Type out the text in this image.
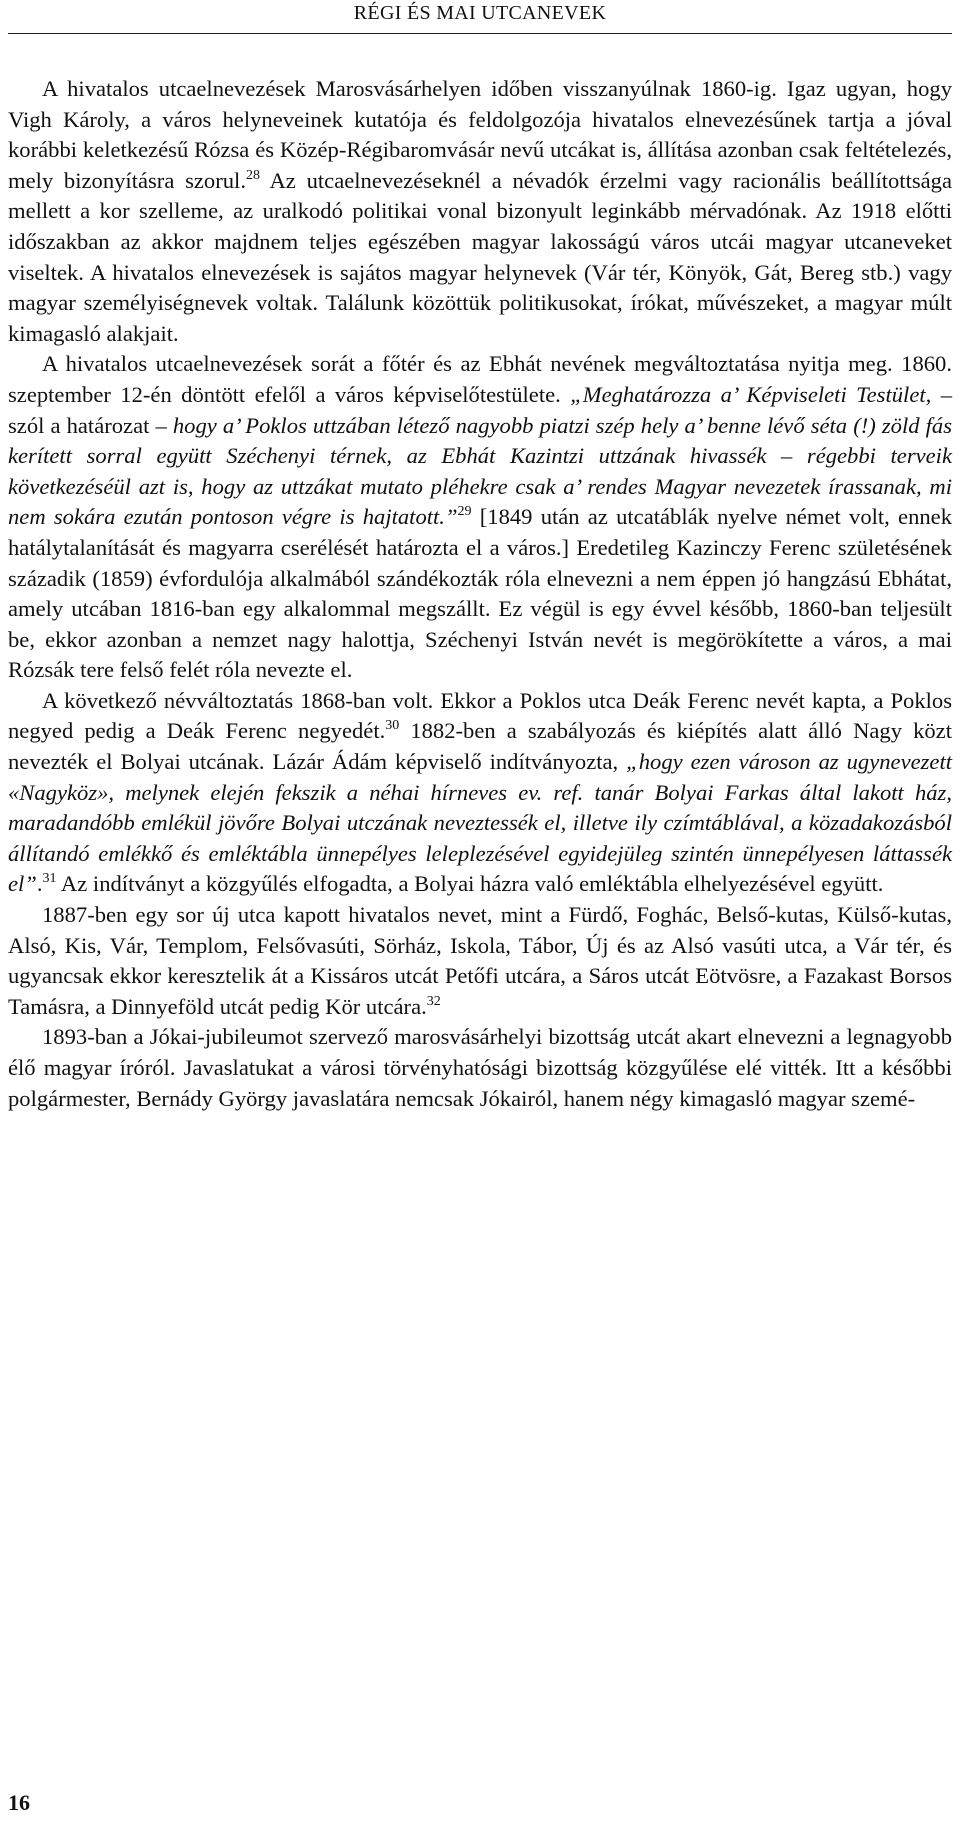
RÉGI ÉS MAI UTCANEVEK

A hivatalos utcaelnevezések Marosvásárhelyen időben visszanyúlnak 1860-ig. Igaz ugyan, hogy Vigh Károly, a város helyneveinek kutatója és feldolgozója hivatalos elnevezésűnek tartja a jóval korábbi keletkezésű Rózsa és Közép-Régibaromvásár nevű utcákat is, állítása azonban csak feltételezés, mely bizonyításra szorul.$^{28}$ Az utcaelnevezéseknél a névadók érzelmi vagy racionális beállítottsága mellett a kor szelleme, az uralkodó politikai vonal bizonyult leginkább mérvadónak. Az 1918 előtti időszakban az akkor majdnem teljes egészében magyar lakosságú város utcái magyar utcaneveket viseltek. A hivatalos elnevezések is sajátos magyar helynevek (Vár tér, Könyök, Gát, Bereg stb.) vagy magyar személyiségnevek voltak. Találunk közöttük politikusokat, írókat, művészeket, a magyar múlt kimagasló alakjait.

A hivatalos utcaelnevezések sorát a főtér és az Ebhát nevének megváltoztatása nyitja meg. 1860. szeptember 12-én döntött efelől a város képviselőtestülete. „Meghatározza a’ Képviseleti Testület, – szól a határozat – hogy a’ Poklos uttzában létező nagyobb piatzi szép hely a’ benne lévő séta (!) zöld fás kerített sorral együtt Széchenyi térnek, az Ebhát Kazintzi uttzának hivassék – régebbi terveik következéséül azt is, hogy az uttzákat mutato pléhekre csak a’ rendes Magyar nevezetek írassanak, mi nem sokára ezután pontoson végre is hajtatott.”$^{29}$ [1849 után az utcatáblák nyelve német volt, ennek hatálytalanítását és magyarra cserélését határozta el a város.] Eredetileg Kazinczy Ferenc születésének századik (1859) évfordulója alkalmából szándékozták róla elnevezni a nem éppen jó hangzású Ebhátat, amely utcában 1816-ban egy alkalommal megszállt. Ez végül is egy évvel később, 1860-ban teljesült be, ekkor azonban a nemzet nagy halottja, Széchenyi István nevét is megörökítette a város, a mai Rózsák tere felső felét róla nevezte el.

A következő névváltoztatás 1868-ban volt. Ekkor a Poklos utca Deák Ferenc nevét kapta, a Poklos negyed pedig a Deák Ferenc negyedét.$^{30}$ 1882-ben a szabályozás és kiépítés alatt álló Nagy közt nevezték el Bolyai utcának. Lázár Ádám képviselő indítványozta, „hogy ezen városon az ugynevezett «Nagyköz», melynek elején fekszik a néhai hírneves ev. ref. tanár Bolyai Farkas által lakott ház, maradandóbb emlékül jövőre Bolyai utczának neveztessék el, illetve ily czímtáblával, a közadakozásból állítandó emlékkő és emléktábla ünnepélyes leleplezésével egyidejüleg szintén ünnepélyesen láttassék el”.$^{31}$ Az indítványt a közgyűlés elfogadta, a Bolyai házra való emléktábla elhelyezésével együtt.

1887-ben egy sor új utca kapott hivatalos nevet, mint a Fürdő, Foghác, Belső-kutas, Külső-kutas, Alsó, Kis, Vár, Templom, Felsővasúti, Sörház, Iskola, Tábor, Új és az Alsó vasúti utca, a Vár tér, és ugyancsak ekkor keresztelik át a Kissáros utcát Petőfi utcára, a Sáros utcát Eötvösre, a Fazakast Borsos Tamásra, a Dinnyeföld utcát pedig Kör utcára.$^{32}$

1893-ban a Jókai-jubileumot szervező marosvásárhelyi bizottság utcát akart elnevezni a legnagyobb élő magyar íróról. Javaslatukat a városi törvényhatósági bizottság közgyűlése elé vitték. Itt a későbbi polgármester, Bernády György javaslatára nemcsak Jókairól, hanem négy kimagasló magyar szemé-

16
